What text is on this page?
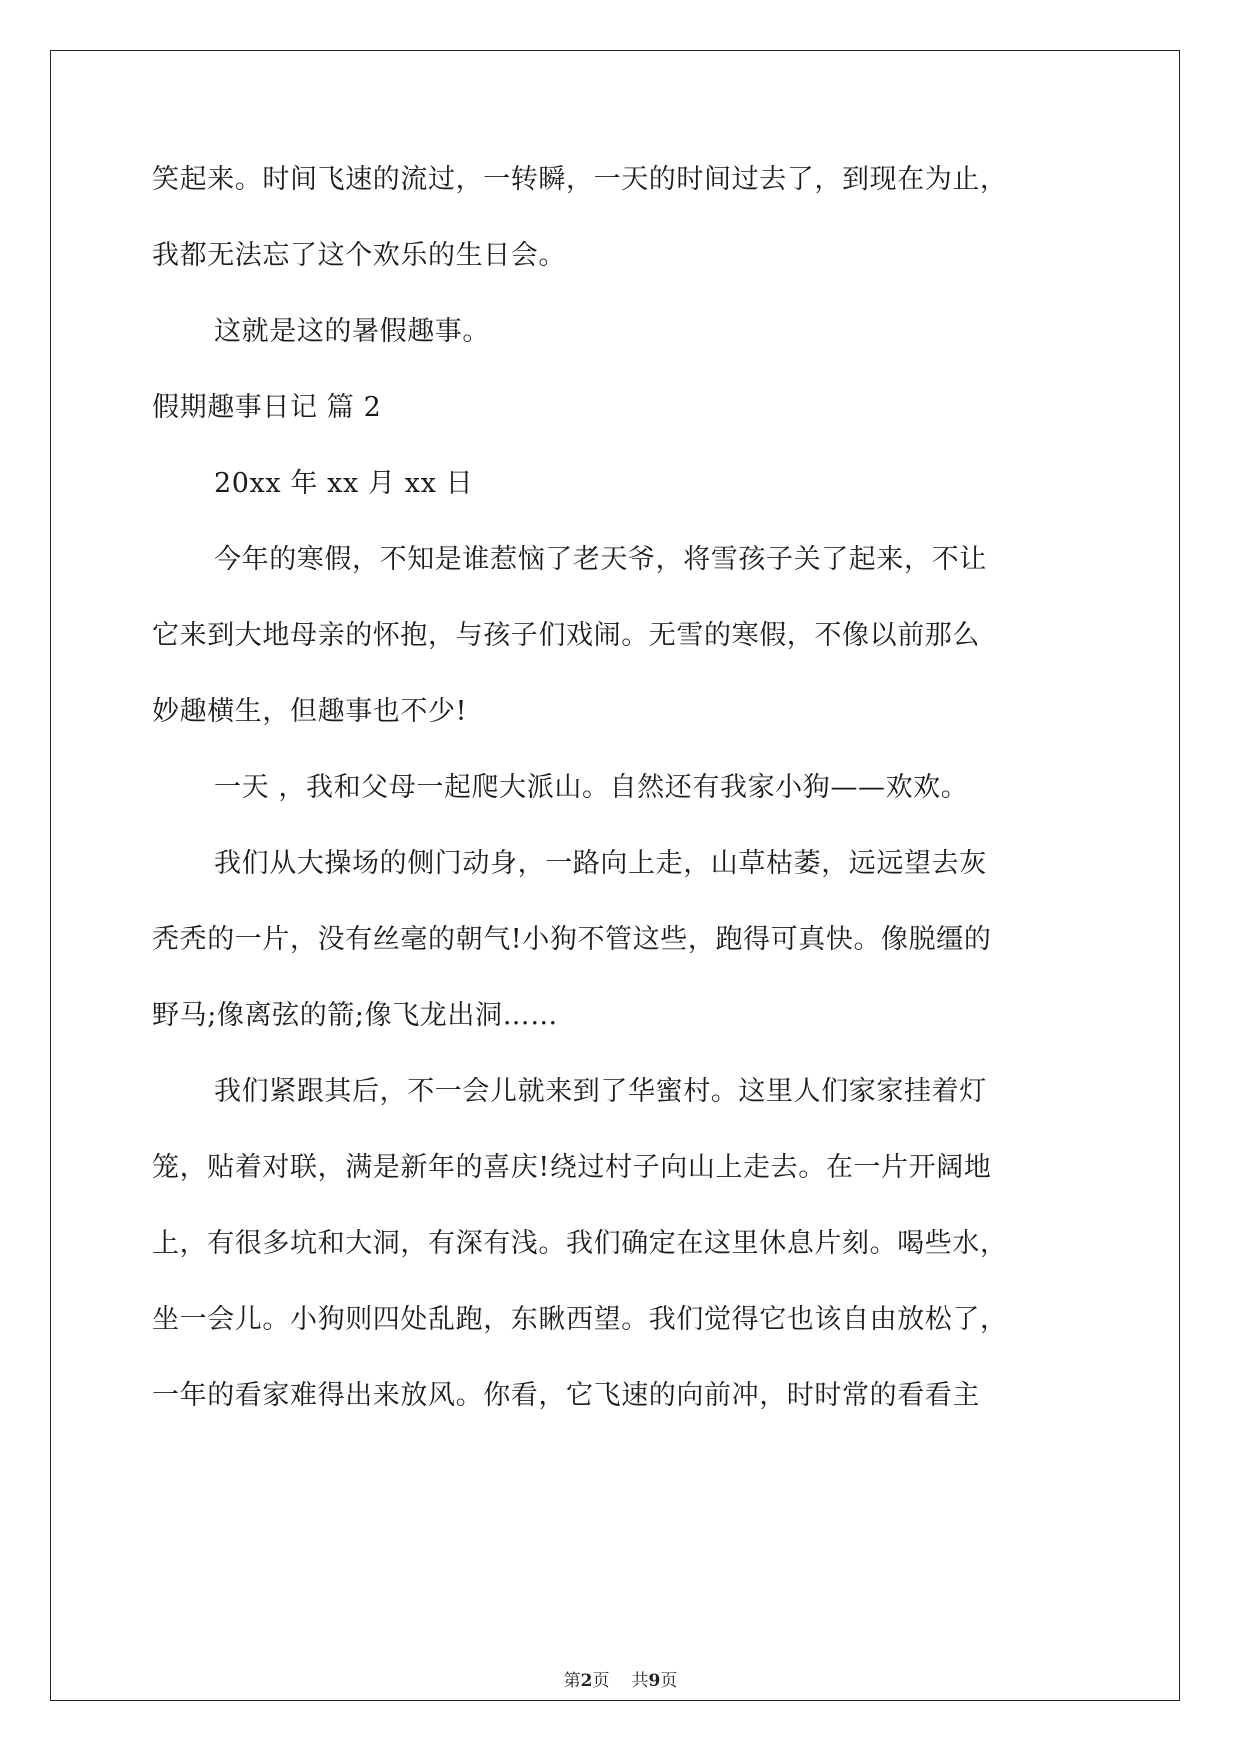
笑起来。时间飞速的流过，一转瞬，一天的时间过去了，到现在为止，
我都无法忘了这个欢乐的生日会。
这就是这的暑假趣事。
假期趣事日记 篇 2
20xx 年 xx 月 xx 日
今年的寒假，不知是谁惹恼了老天爷，将雪孩子关了起来，不让
它来到大地母亲的怀抱，与孩子们戏闹。无雪的寒假，不像以前那么
妙趣横生，但趣事也不少!
一天 ，我和父母一起爬大派山。自然还有我家小狗——欢欢。
我们从大操场的侧门动身，一路向上走，山草枯萎，远远望去灰
秃秃的一片，没有丝毫的朝气!小狗不管这些，跑得可真快。像脱缰的
野马;像离弦的箭;像飞龙出洞……
我们紧跟其后，不一会儿就来到了华蜜村。这里人们家家挂着灯
笼，贴着对联，满是新年的喜庆!绕过村子向山上走去。在一片开阔地
上，有很多坑和大洞，有深有浅。我们确定在这里休息片刻。喝些水，
坐一会儿。小狗则四处乱跑，东瞅西望。我们觉得它也该自由放松了，
一年的看家难得出来放风。你看，它飞速的向前冲，时时常的看看主
第2页 共9页
